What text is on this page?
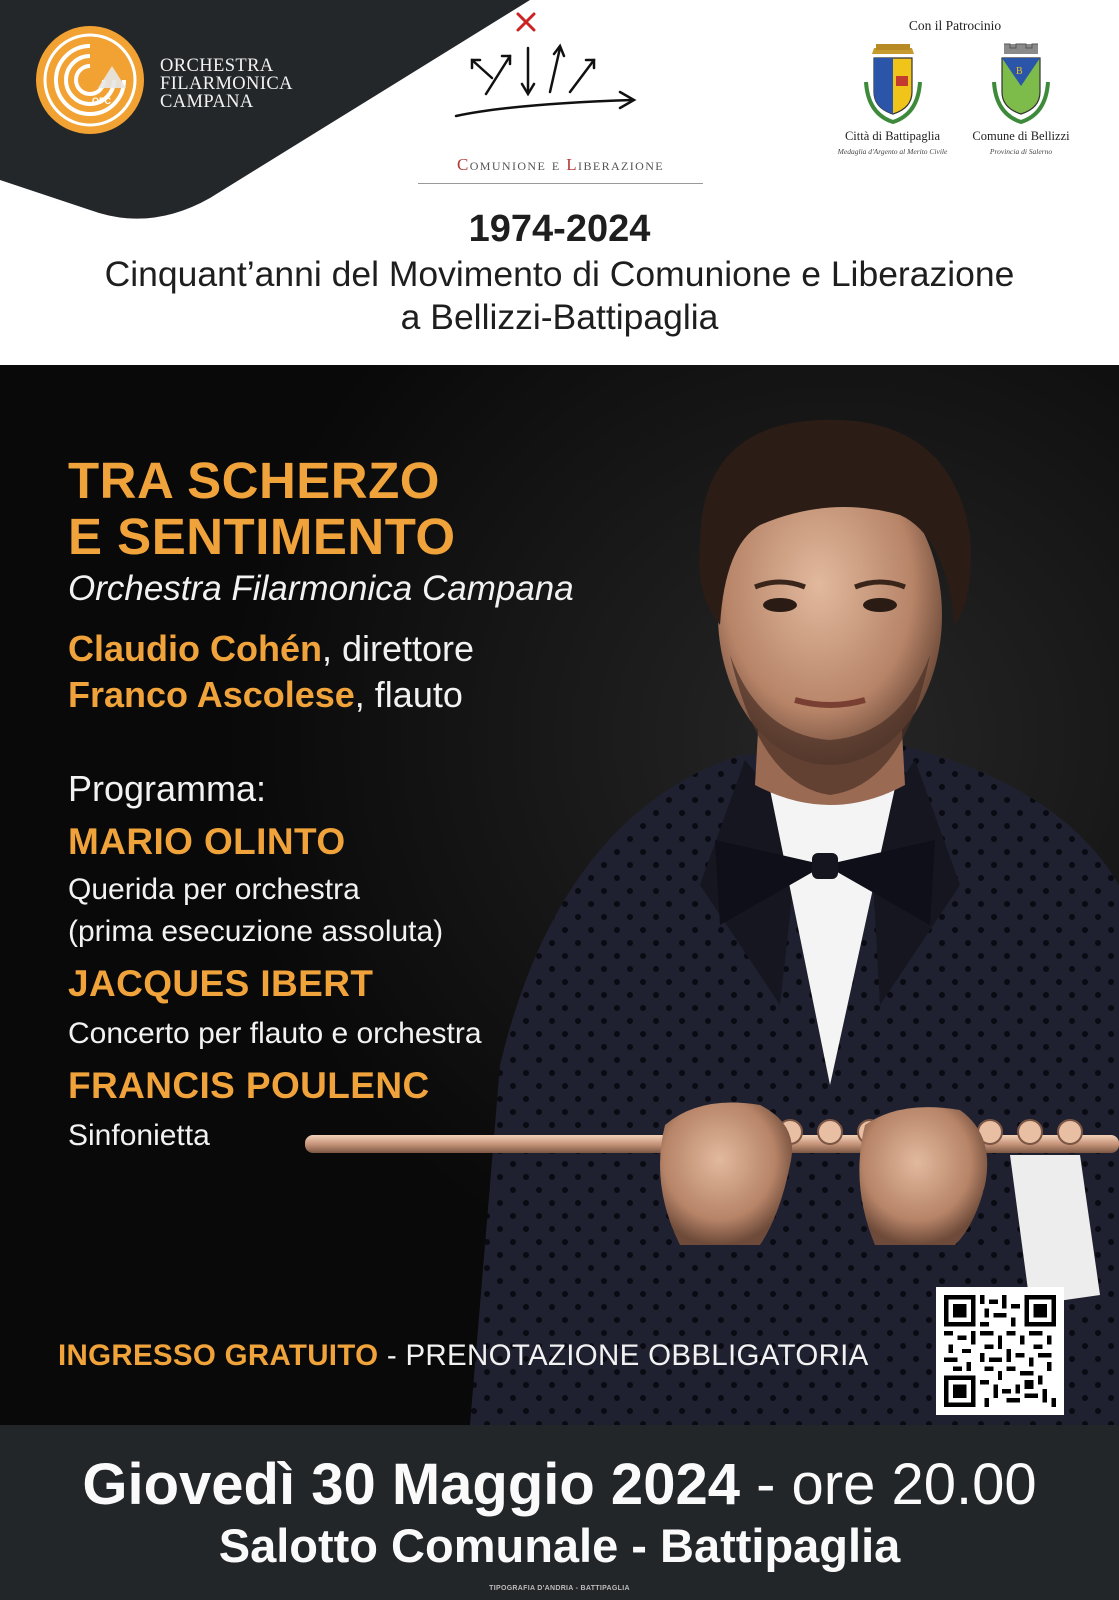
OFC
ORCHESTRA
FILARMONICA
CAMPANA
Comunione e Liberazione
Con il Patrocinio
B
Città di Battipaglia
Medaglia d'Argento al Merito Civile
Comune di Bellizzi
Provincia di Salerno
1974-2024
Cinquant’anni del Movimento di Comunione e Liberazione
a Bellizzi-Battipaglia
TRA SCHERZO
E SENTIMENTO
Orchestra Filarmonica Campana
Claudio Cohén, direttore
Franco Ascolese, flauto
Programma:
MARIO OLINTO
Querida per orchestra
(prima esecuzione assoluta)
JACQUES IBERT
Concerto per flauto e orchestra
FRANCIS POULENC
Sinfonietta
INGRESSO GRATUITO - PRENOTAZIONE OBBLIGATORIA
Giovedì 30 Maggio 2024 - ore 20.00
Salotto Comunale - Battipaglia
TIPOGRAFIA D'ANDRIA - BATTIPAGLIA
